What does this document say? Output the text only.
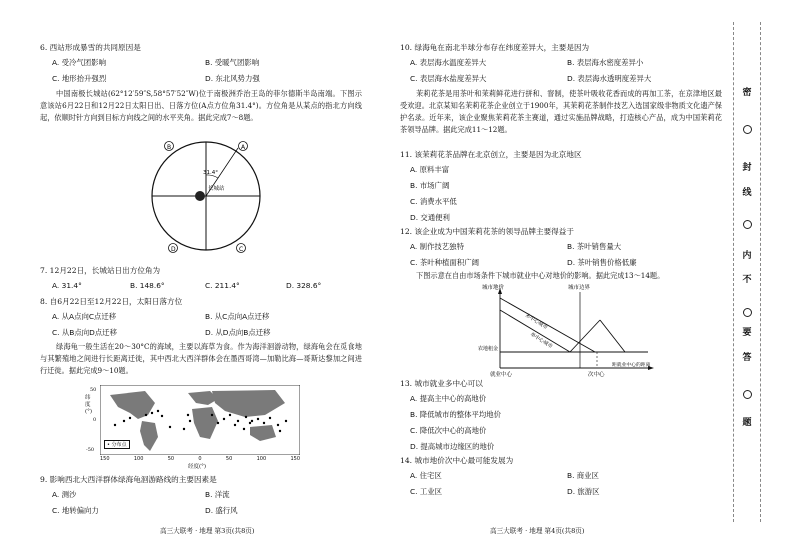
6. 西站形成暴雪的共同原因是
A. 受冷气团影响	B. 受暖气团影响
C. 地形抬升强烈	D. 东北风势力强
中国南极长城站(62°12′59″S,58°57′52″W)位于南极洲乔治王岛的菲尔德斯半岛南端。下图示意该站6月22日和12月22日太阳日出、日落方位(A点方位角31.4°)。方位角是从某点的指北方向线起，依顺时针方向到目标方向线之间的水平夹角。据此完成7～8题。
B	A
D	C
31.4°
长城站
7. 12月22日，长城站日出方位角为
A. 31.4°	B. 148.6°	C. 211.4°	D. 328.6°
8. 自6月22日至12月22日，太阳日落方位
A. 从A点向C点迁移	B. 从C点向A点迁移
C. 从B点向D点迁移	D. 从D点向B点迁移
绿海龟一般生活在20～30°C的海域，主要以海草为食。作为海洋洄游动物，绿海龟会在觅食地与其繁殖地之间进行长距离迁徙，其中西北大西洋群体会在墨西哥湾—加勒比海—哥斯达黎加之间进行迁徙。据此完成9～10题。
• 分布点
纬度(°)
50
0
-50
150	100	50	0	50	100	150
经度(°)
9. 影响西北大西洋群体绿海龟洄游路线的主要因素是
A. 测沙	B. 洋流
C. 地转偏向力	D. 盛行风
高三大联考 · 地理 第3页(共8页)
10. 绿海龟在南北半球分布存在纬度差异大，主要是因为
A. 表层海水温度差异大	B. 表层海水密度差异小
C. 表层海水盐度差异大	D. 表层海水透明度差异大
茉莉花茶是用茶叶和茉莉鲜花进行拼和、窨制，使茶叶吸收花香而成的再加工茶，在京津地区最受欢迎。北京某知名茉莉花茶企业创立于1900年，其茉莉花茶制作技艺入选国家级非物质文化遗产保护名录。近年来，该企业聚焦茉莉花茶主赛道，通过实施品牌战略，打造核心产品，成为中国茉莉花茶领导品牌。据此完成11～12题。
11. 该茉莉花茶品牌在北京创立，主要是因为北京地区
A. 原料丰富
B. 市场广阔
C. 消费水平低
D. 交通便利
12. 该企业成为中国茉莉花茶的领导品牌主要得益于
A. 制作技艺独特	B. 茶叶销售量大
C. 茶叶种植面积广阔	D. 茶叶销售价格低廉
下图示意在自由市场条件下城市就业中心对地价的影响。据此完成13～14题。
城市地价	城市边界
多中心城市
单中心城市
农地租金
就业中心	次中心
距就业中心的距离
13. 城市就业多中心可以
A. 提高主中心的高地价
B. 降低城市的整体平均地价
C. 降低次中心的高地价
D. 提高城市边缘区的地价
14. 城市地价次中心最可能发展为
A. 住宅区	B. 商业区
C. 工业区	D. 旅游区
高三大联考 · 地理 第4页(共8页)
密
封
线
内
不
要
答
题
